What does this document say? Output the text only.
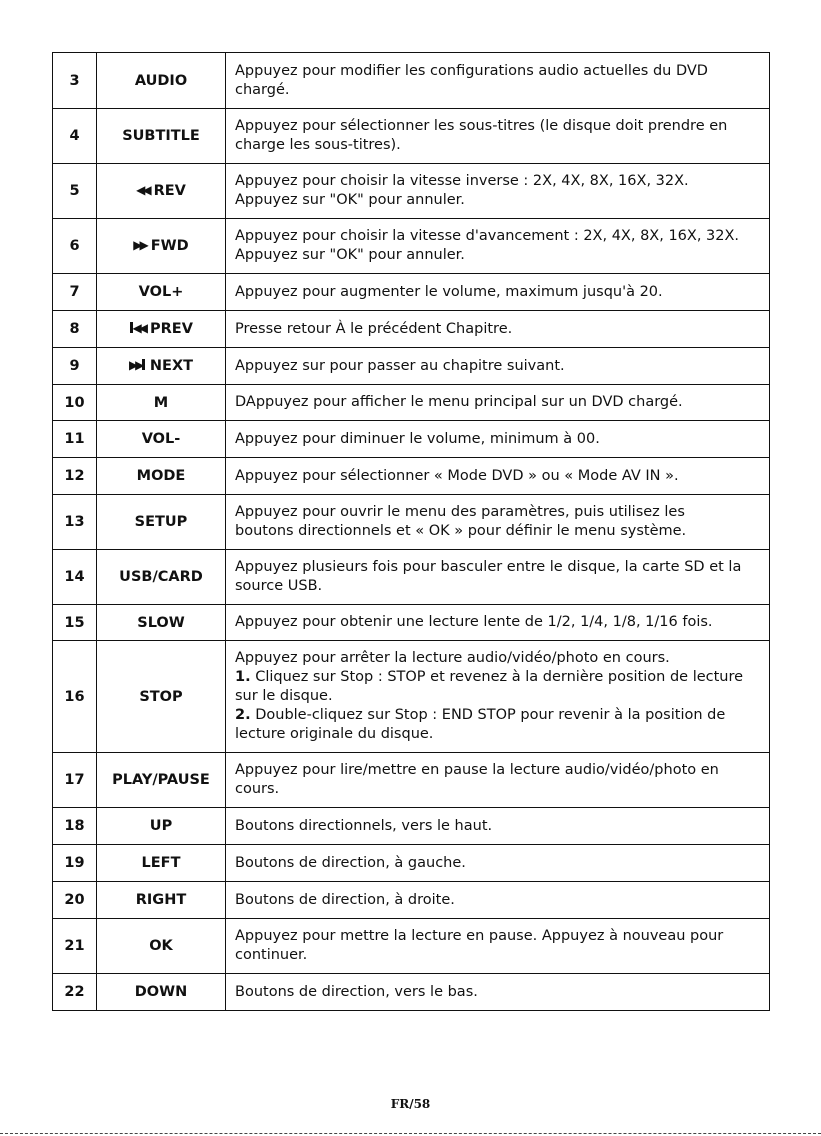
3	AUDIO	Appuyez pour modifier les configurations audio actuelles du DVD
chargé.

4	SUBTITLE	Appuyez pour sélectionner les sous-titres (le disque doit prendre en
charge les sous-titres).

5	◀◀ REV	Appuyez pour choisir la vitesse inverse : 2X, 4X, 8X, 16X, 32X.
Appuyez sur "OK" pour annuler.

6	▶▶ FWD	Appuyez pour choisir la vitesse d'avancement : 2X, 4X, 8X, 16X, 32X.
Appuyez sur "OK" pour annuler.

7	VOL+	Appuyez pour augmenter le volume, maximum jusqu'à 20.

8	◀◀ PREV	Presse retour À le précédent Chapitre.

9	▶▶ NEXT	Appuyez sur pour passer au chapitre suivant.

10	M	DAppuyez pour afficher le menu principal sur un DVD chargé.

11	VOL-	Appuyez pour diminuer le volume, minimum à 00.

12	MODE	Appuyez pour sélectionner « Mode DVD » ou « Mode AV IN ».

13	SETUP	Appuyez pour ouvrir le menu des paramètres, puis utilisez les
boutons directionnels et « OK » pour définir le menu système.

14	USB/CARD	Appuyez plusieurs fois pour basculer entre le disque, la carte SD et la
source USB.

15	SLOW	Appuyez pour obtenir une lecture lente de 1/2, 1/4, 1/8, 1/16 fois.

16	STOP	Appuyez pour arrêter la lecture audio/vidéo/photo en cours.
1. Cliquez sur Stop : STOP et revenez à la dernière position de lecture
sur le disque.
2. Double-cliquez sur Stop : END STOP pour revenir à la position de
lecture originale du disque.

17	PLAY/PAUSE	Appuyez pour lire/mettre en pause la lecture audio/vidéo/photo en
cours.

18	UP	Boutons directionnels, vers le haut.

19	LEFT	Boutons de direction, à gauche.

20	RIGHT	Boutons de direction, à droite.

21	OK	Appuyez pour mettre la lecture en pause. Appuyez à nouveau pour
continuer.

22	DOWN	Boutons de direction, vers le bas.
FR/58
